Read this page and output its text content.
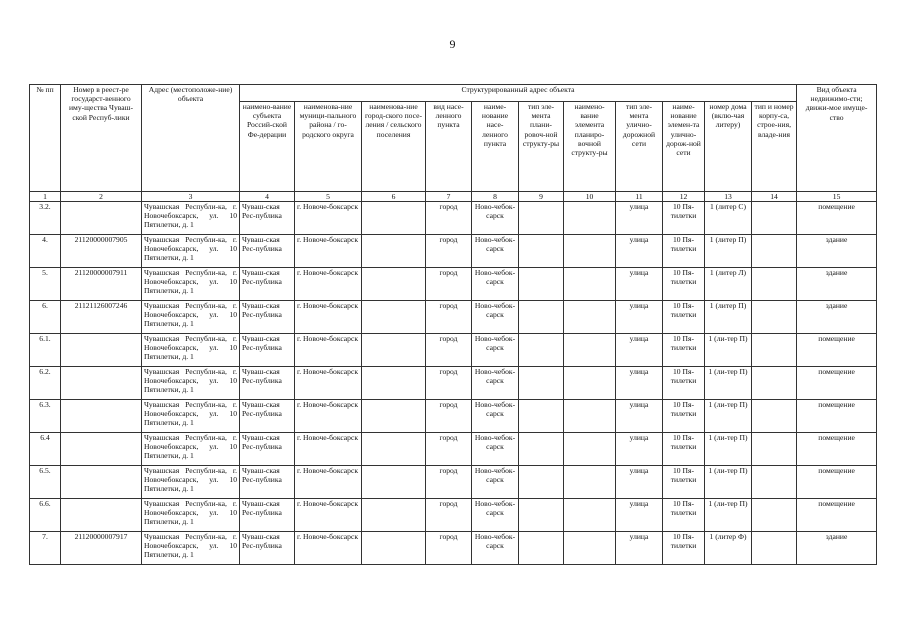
9
№ пп	Номер в реест-ре государст-венного иму-щества Чуваш-ской Респуб-лики	Адрес (местоположе-ние) объекта	Структурированный адрес объекта											Вид объекта недвижимо-сти; движи-мое имуще-ство
			наимено-вание субъекта Россий-ской Фе-дерации	наименова-ние муници-пального района / го-родского округа	наименова-ние город-ского посе-ления / сельского поселения	вид насе-ленного пункта	наиме-нование насе-ленного пункта	тип эле-мента плани-ровоч-ной структу-ры	наимено-вание элемента планиро-вочной структу-ры	тип эле-мента улично-дорожной сети	наиме-нование элемен-та улично-дорож-ной сети	номер дома (вклю-чая литеру)	тип и номер корпу-са, строе-ния, владе-ния	
1	2	3	4	5	6	7	8	9	10	11	12	13	14	15
3.2.		Чувашская Республи-ка, г. Новочебоксарск, ул. 10 Пятилетки, д. 1	Чуваш-ская Рес-публика	г. Новоче-боксарск		город	Ново-чебок-сарск			улица	10 Пя-тилетки	1 (литер С)		помещение
4.	21120000007905	Чувашская Республи-ка, г. Новочебоксарск, ул. 10 Пятилетки, д. 1	Чуваш-ская Рес-публика	г. Новоче-боксарск		город	Ново-чебок-сарск			улица	10 Пя-тилетки	1 (литер П)		здание
5.	21120000007911	Чувашская Республи-ка, г. Новочебоксарск, ул. 10 Пятилетки, д. 1	Чуваш-ская Рес-публика	г. Новоче-боксарск		город	Ново-чебок-сарск			улица	10 Пя-тилетки	1 (литер Л)		здание
6.	21121126007246	Чувашская Республи-ка, г. Новочебоксарск, ул. 10 Пятилетки, д. 1	Чуваш-ская Рес-публика	г. Новоче-боксарск		город	Ново-чебок-сарск			улица	10 Пя-тилетки	1 (литер П)		здание
6.1.		Чувашская Республи-ка, г. Новочебоксарск, ул. 10 Пятилетки, д. 1	Чуваш-ская Рес-публика	г. Новоче-боксарск		город	Ново-чебок-сарск			улица	10 Пя-тилетки	1 (ли-тер П)		помещение
6.2.		Чувашская Республи-ка, г. Новочебоксарск, ул. 10 Пятилетки, д. 1	Чуваш-ская Рес-публика	г. Новоче-боксарск		город	Ново-чебок-сарск			улица	10 Пя-тилетки	1 (ли-тер П)		помещение
6.3.		Чувашская Республи-ка, г. Новочебоксарск, ул. 10 Пятилетки, д. 1	Чуваш-ская Рес-публика	г. Новоче-боксарск		город	Ново-чебок-сарск			улица	10 Пя-тилетки	1 (ли-тер П)		помещение
6.4		Чувашская Республи-ка, г. Новочебоксарск, ул. 10 Пятилетки, д. 1	Чуваш-ская Рес-публика	г. Новоче-боксарск		город	Ново-чебок-сарск			улица	10 Пя-тилетки	1 (ли-тер П)		помещение
6.5.		Чувашская Республи-ка, г. Новочебоксарск, ул. 10 Пятилетки, д. 1	Чуваш-ская Рес-публика	г. Новоче-боксарск		город	Ново-чебок-сарск			улица	10 Пя-тилетки	1 (ли-тер П)		помещение
6.6.		Чувашская Республи-ка, г. Новочебоксарск, ул. 10 Пятилетки, д. 1	Чуваш-ская Рес-публика	г. Новоче-боксарск		город	Ново-чебок-сарск			улица	10 Пя-тилетки	1 (ли-тер П)		помещение
7.	21120000007917	Чувашская Республи-ка, г. Новочебоксарск, ул. 10 Пятилетки, д. 1	Чуваш-ская Рес-публика	г. Новоче-боксарск		город	Ново-чебок-сарск			улица	10 Пя-тилетки	1 (литер Ф)		здание
